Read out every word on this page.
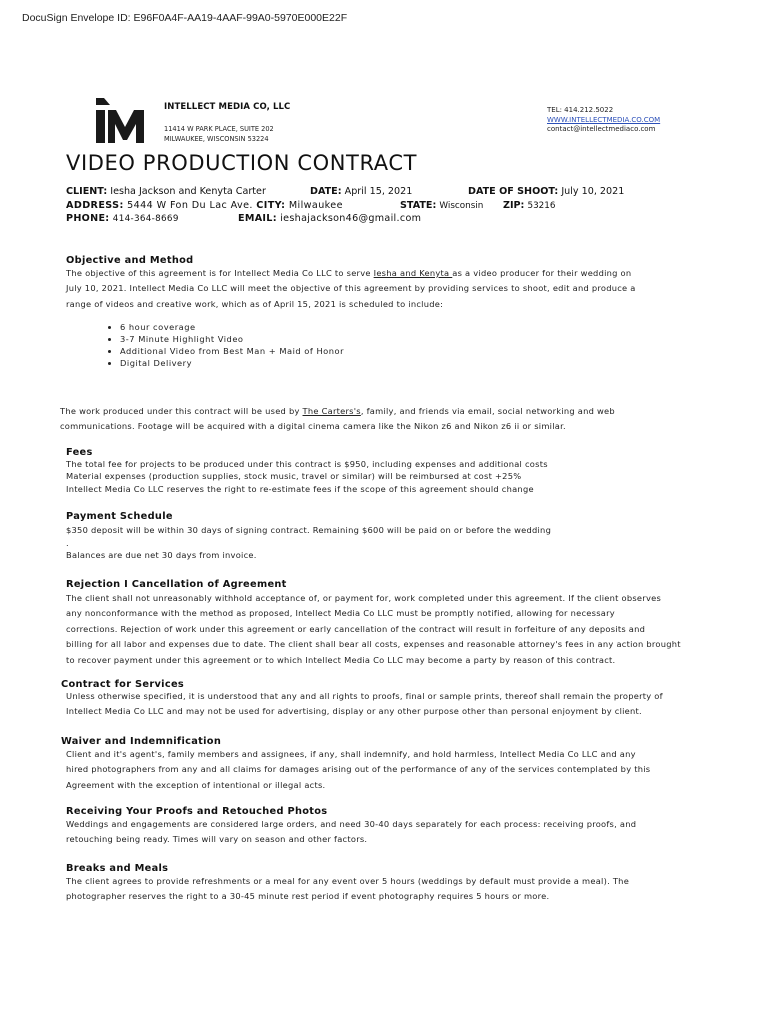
DocuSign Envelope ID: E96F0A4F-AA19-4AAF-99A0-5970E000E22F
INTELLECT MEDIA CO, LLC
11414 W PARK PLACE, SUITE 202
MILWAUKEE, WISCONSIN 53224
TEL: 414.212.5022
WWW.INTELLECTMEDIA.CO.COM
contact@intellectmediaco.com
VIDEO PRODUCTION CONTRACT
CLIENT: Iesha Jackson and Kenyta Carter	DATE: April 15, 2021	DATE OF SHOOT: July 10, 2021
ADDRESS: 5444 W Fon Du Lac Ave. CITY: Milwaukee	STATE: Wisconsin ZIP: 53216
PHONE: 414-364-8669	EMAIL: ieshajackson46@gmail.com
Objective and Method
The objective of this agreement is for Intellect Media Co LLC to serve Iesha and Kenyta as a video producer for their wedding on
July 10, 2021. Intellect Media Co LLC will meet the objective of this agreement by providing services to shoot, edit and produce a
range of videos and creative work, which as of April 15, 2021 is scheduled to include:
• 6 hour coverage
• 3-7 Minute Highlight Video
• Additional Video from Best Man + Maid of Honor
• Digital Delivery
The work produced under this contract will be used by The Carters's, family, and friends via email, social networking and web
communications. Footage will be acquired with a digital cinema camera like the Nikon z6 and Nikon z6 ii or similar.
Fees
The total fee for projects to be produced under this contract is $950, including expenses and additional costs
Material expenses (production supplies, stock music, travel or similar) will be reimbursed at cost +25%
Intellect Media Co LLC reserves the right to re-estimate fees if the scope of this agreement should change
Payment Schedule
$350 deposit will be within 30 days of signing contract. Remaining $600 will be paid on or before the wedding
.
Balances are due net 30 days from invoice.
Rejection I Cancellation of Agreement
The client shall not unreasonably withhold acceptance of, or payment for, work completed under this agreement. If the client observes
any nonconformance with the method as proposed, Intellect Media Co LLC must be promptly notified, allowing for necessary
corrections. Rejection of work under this agreement or early cancellation of the contract will result in forfeiture of any deposits and
billing for all labor and expenses due to date. The client shall bear all costs, expenses and reasonable attorney's fees in any action brought
to recover payment under this agreement or to which Intellect Media Co LLC may become a party by reason of this contract.
Contract for Services
Unless otherwise specified, it is understood that any and all rights to proofs, final or sample prints, thereof shall remain the property of
Intellect Media Co LLC and may not be used for advertising, display or any other purpose other than personal enjoyment by client.
Waiver and Indemnification
Client and it's agent's, family members and assignees, if any, shall indemnify, and hold harmless, Intellect Media Co LLC and any
hired photographers from any and all claims for damages arising out of the performance of any of the services contemplated by this
Agreement with the exception of intentional or illegal acts.
Receiving Your Proofs and Retouched Photos
Weddings and engagements are considered large orders, and need 30-40 days separately for each process: receiving proofs, and
retouching being ready. Times will vary on season and other factors.
Breaks and Meals
The client agrees to provide refreshments or a meal for any event over 5 hours (weddings by default must provide a meal). The
photographer reserves the right to a 30-45 minute rest period if event photography requires 5 hours or more.
